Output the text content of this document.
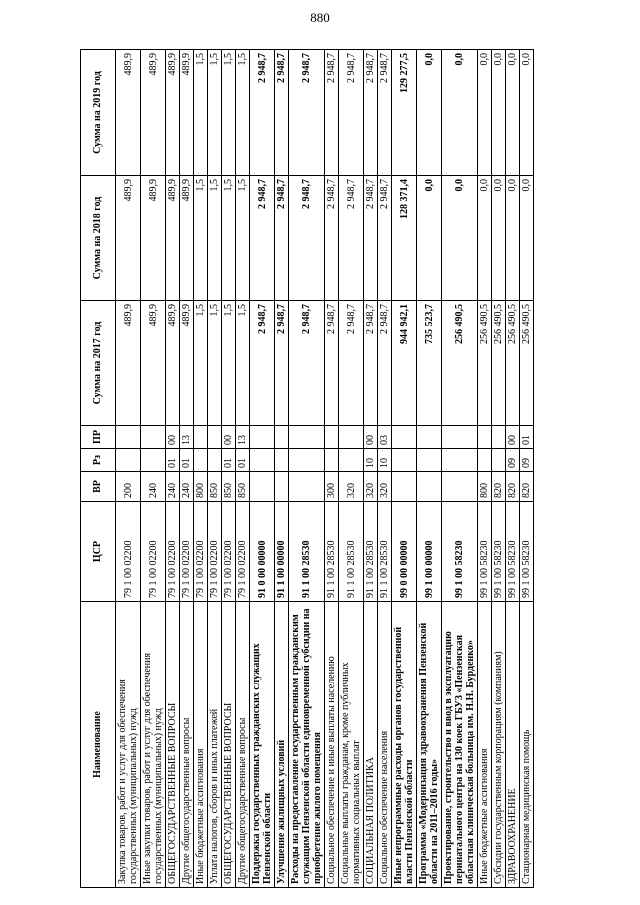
880
Наименование	ЦСР	ВР	Рз	ПР	Сумма на 2017 год	Сумма на 2018 год	Сумма на 2019 год
Закупка товаров, работ и услуг для обеспечения государственных (муниципальных) нужд	79 1 00 02200	200			489,9	489,9	489,9
Иные закупки товаров, работ и услуг для обеспечения государственных (муниципальных) нужд	79 1 00 02200	240			489,9	489,9	489,9
ОБЩЕГОСУДАРСТВЕННЫЕ ВОПРОСЫ	79 1 00 02200	240	01	00	489,9	489,9	489,9
Другие общегосударственные вопросы	79 1 00 02200	240	01	13	489,9	489,9	489,9
Иные бюджетные ассигнования	79 1 00 02200	800			1,5	1,5	1,5
Уплата налогов, сборов и иных платежей	79 1 00 02200	850			1,5	1,5	1,5
ОБЩЕГОСУДАРСТВЕННЫЕ ВОПРОСЫ	79 1 00 02200	850	01	00	1,5	1,5	1,5
Другие общегосударственные вопросы	79 1 00 02200	850	01	13	1,5	1,5	1,5
Поддержка государственных гражданских служащих Пензенской области	91 0 00 00000				2 948,7	2 948,7	2 948,7
Улучшение жилищных условий	91 1 00 00000				2 948,7	2 948,7	2 948,7
Расходы на предоставление государственным гражданским служащим Пензенской области единовременной субсидии на приобретение жилого помещения	91 1 00 28530				2 948,7	2 948,7	2 948,7
Социальное обеспечение и иные выплаты населению	91 1 00 28530	300			2 948,7	2 948,7	2 948,7
Социальные выплаты гражданам, кроме публичных нормативных социальных выплат	91 1 00 28530	320			2 948,7	2 948,7	2 948,7
СОЦИАЛЬНАЯ ПОЛИТИКА	91 1 00 28530	320	10	00	2 948,7	2 948,7	2 948,7
Социальное обеспечение населения	91 1 00 28530	320	10	03	2 948,7	2 948,7	2 948,7
Иные непрограммные расходы органов государственной власти Пензенской области	99 0 00 00000				944 942,1	128 371,4	129 277,5
Программа «Модернизация здравоохранения Пензенской области на 2011–2016 годы»	99 1 00 00000				735 523,7	0,0	0,0
Проектирование, строительство и ввод в эксплуатацию перинатального центра на 130 коек ГБУЗ «Пензенская областная клиническая больница им. Н.Н. Бурденко»	99 1 00 58230				256 490,5	0,0	0,0
Иные бюджетные ассигнования	99 1 00 58230	800			256 490,5	0,0	0,0
Субсидии государственным корпорациям (компаниям)	99 1 00 58230	820			256 490,5	0,0	0,0
ЗДРАВООХРАНЕНИЕ	99 1 00 58230	820	09	00	256 490,5	0,0	0,0
Стационарная медицинская помощь	99 1 00 58230	820	09	01	256 490,5	0,0	0,0
